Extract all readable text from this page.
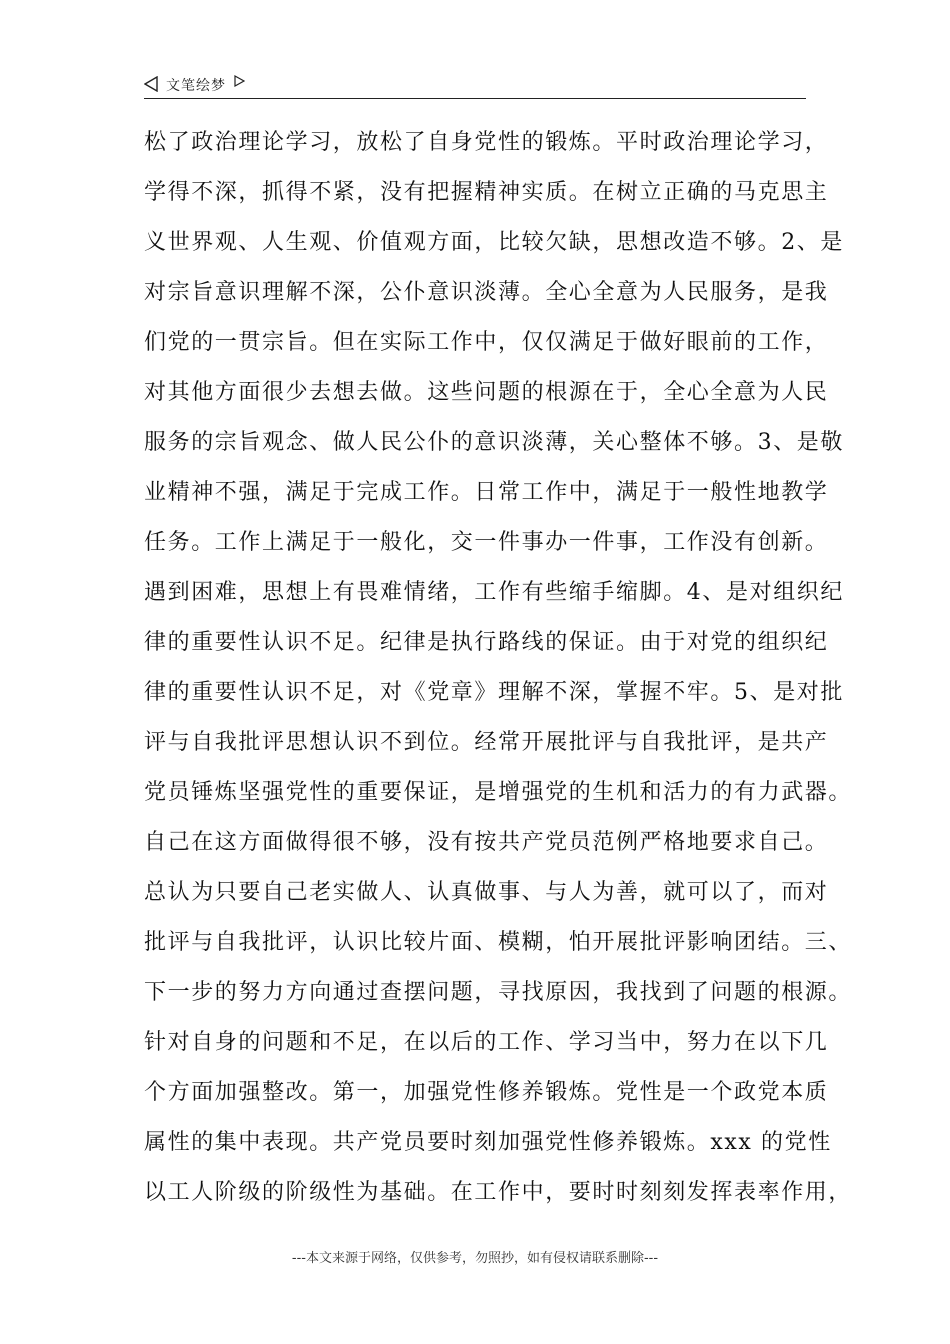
文笔绘梦
松了政治理论学习，放松了自身党性的锻炼。平时政治理论学习，
学得不深，抓得不紧，没有把握精神实质。在树立正确的马克思主
义世界观、人生观、价值观方面，比较欠缺，思想改造不够。2、是
对宗旨意识理解不深，公仆意识淡薄。全心全意为人民服务，是我
们党的一贯宗旨。但在实际工作中，仅仅满足于做好眼前的工作，
对其他方面很少去想去做。这些问题的根源在于，全心全意为人民
服务的宗旨观念、做人民公仆的意识淡薄，关心整体不够。3、是敬
业精神不强，满足于完成工作。日常工作中，满足于一般性地教学
任务。工作上满足于一般化，交一件事办一件事，工作没有创新。
遇到困难，思想上有畏难情绪，工作有些缩手缩脚。4、是对组织纪
律的重要性认识不足。纪律是执行路线的保证。由于对党的组织纪
律的重要性认识不足，对《党章》理解不深，掌握不牢。5、是对批
评与自我批评思想认识不到位。经常开展批评与自我批评，是共产
党员锤炼坚强党性的重要保证，是增强党的生机和活力的有力武器。
自己在这方面做得很不够，没有按共产党员范例严格地要求自己。
总认为只要自己老实做人、认真做事、与人为善，就可以了，而对
批评与自我批评，认识比较片面、模糊，怕开展批评影响团结。三、
下一步的努力方向通过查摆问题，寻找原因，我找到了问题的根源。
针对自身的问题和不足，在以后的工作、学习当中，努力在以下几
个方面加强整改。第一，加强党性修养锻炼。党性是一个政党本质
属性的集中表现。共产党员要时刻加强党性修养锻炼。xxx 的党性
以工人阶级的阶级性为基础。在工作中，要时时刻刻发挥表率作用，
---本文来源于网络，仅供参考，勿照抄，如有侵权请联系删除---
